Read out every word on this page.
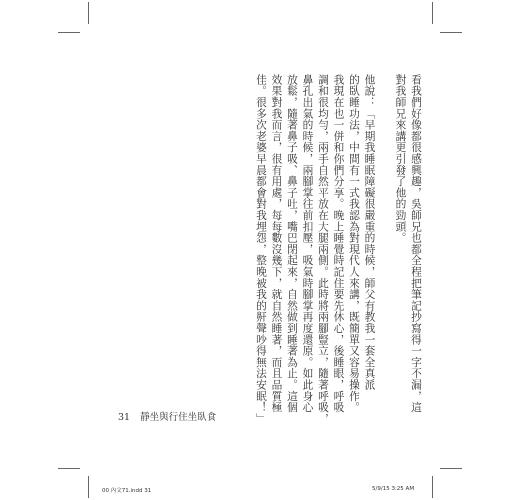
看我們好像都很感興趣，吳師兄也都全程把筆記抄寫得一字不漏，這
對我師兄來講更引發了他的勁頭。
他說：「早期我睡眠障礙很嚴重的時候，師父有教我一套全真派
的臥睡功法，中間有一式我認為對現代人來講，既簡單又容易操作。
我現在也一併和你們分享。晚上睡覺時記住要先休心，後睡眼，呼吸
調和很均勻，兩手自然平放在大腿兩側。此時將兩腳豎立，隨著呼吸，
鼻孔出氣的時候，兩腳掌往前扣壓，吸氣時腳掌再度還原。如此身心
放鬆，隨著鼻子吸、鼻子吐，嘴巴閉起來，自然做到睡著為止。這個
效果對我而言，很有用處，每每數沒幾下，就自然睡著，而且品質極
佳。很多次老婆早晨都會對我埋怨，整晚被我的鼾聲吵得無法安眠！」
31 靜坐與行住坐臥食
00 內文71.indd 31	5/9/15 3:25 AM
